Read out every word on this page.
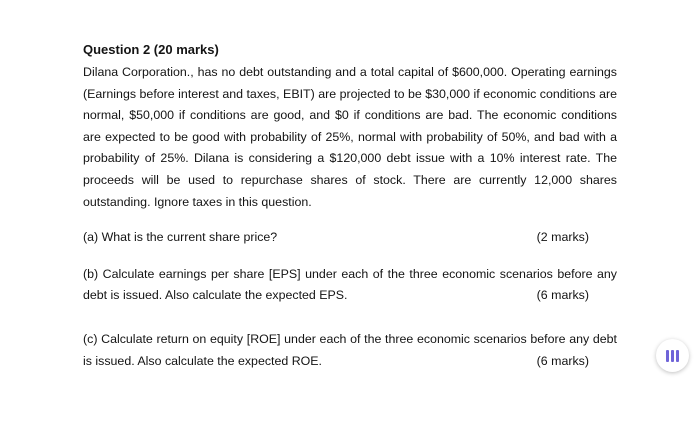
Question 2 (20 marks)

Dilana Corporation., has no debt outstanding and a total capital of $600,000. Operating earnings (Earnings before interest and taxes, EBIT) are projected to be $30,000 if economic conditions are normal, $50,000 if conditions are good, and $0 if conditions are bad. The economic conditions are expected to be good with probability of 25%, normal with probability of 50%, and bad with a probability of 25%. Dilana is considering a $120,000 debt issue with a 10% interest rate. The proceeds will be used to repurchase shares of stock. There are currently 12,000 shares outstanding. Ignore taxes in this question.

(a) What is the current share price?	(2 marks)
(b) Calculate earnings per share [EPS] under each of the three economic scenarios before any debt is issued. Also calculate the expected EPS.	(6 marks)
(c) Calculate return on equity [ROE] under each of the three economic scenarios before any debt is issued. Also calculate the expected ROE.	(6 marks)
